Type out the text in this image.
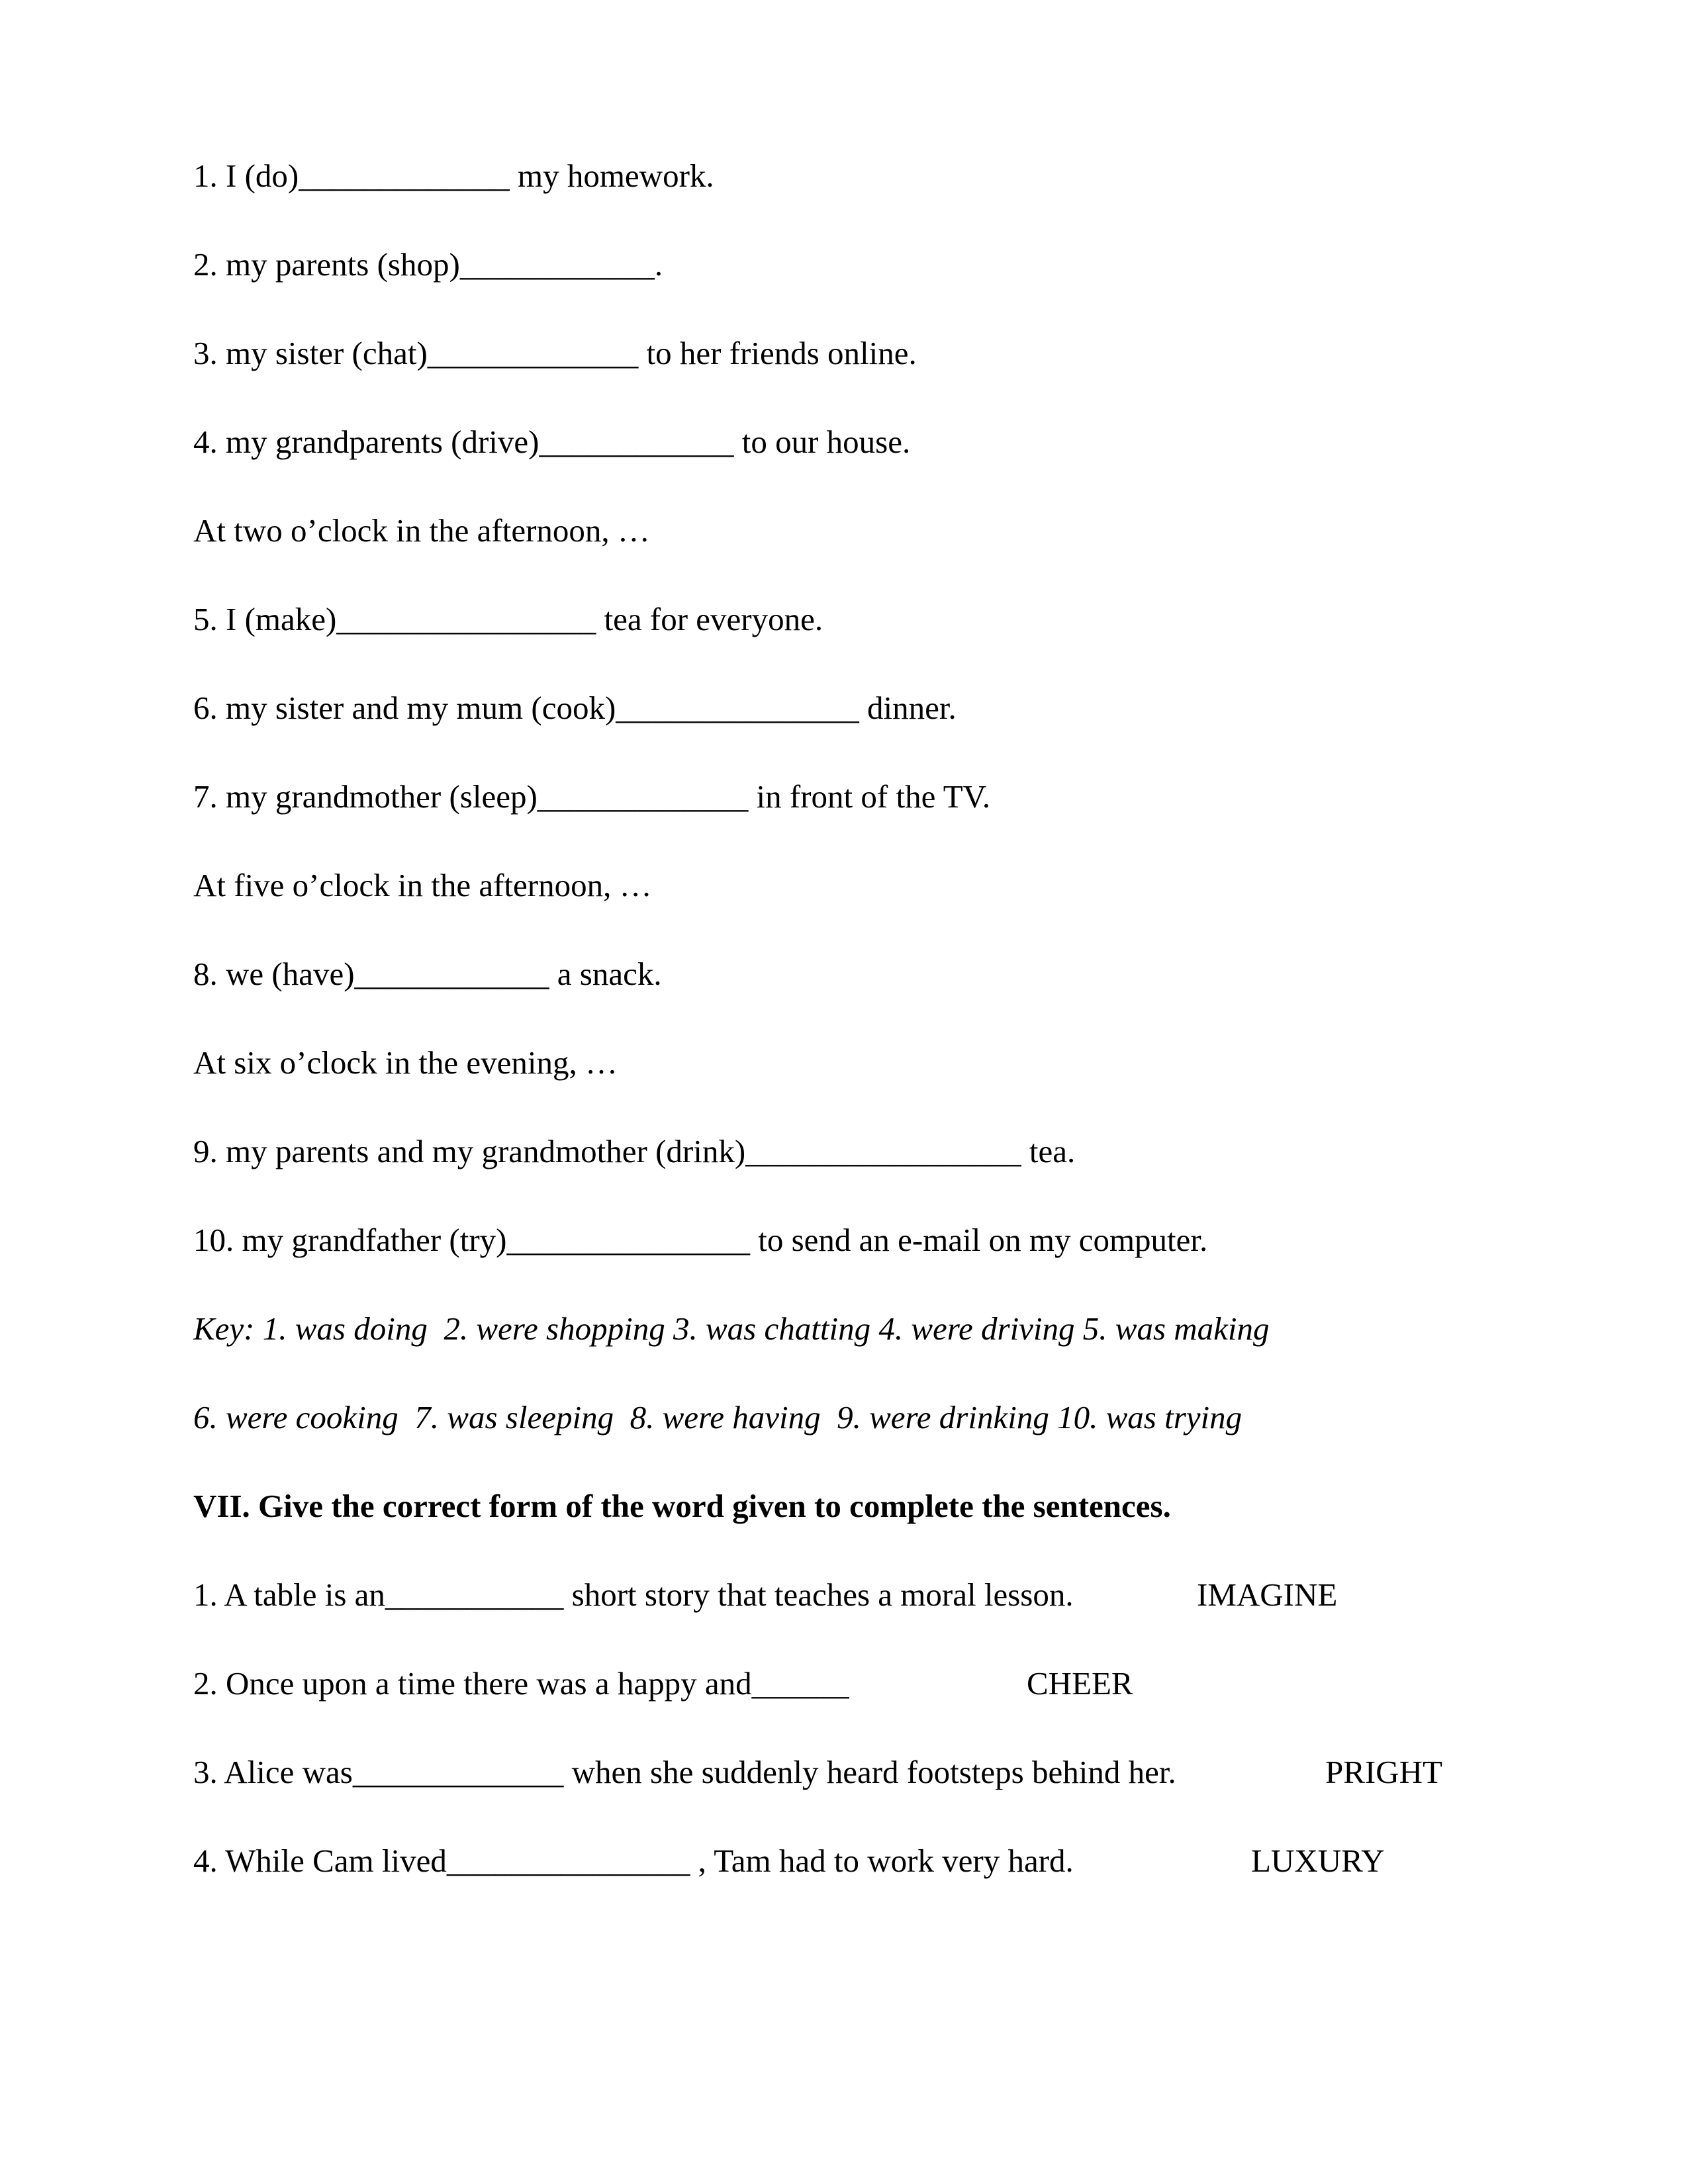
1. I (do)_____________ my homework.
2. my parents (shop)____________.
3. my sister (chat)_____________ to her friends online.
4. my grandparents (drive)____________ to our house.
At two o’clock in the afternoon, …
5. I (make)________________ tea for everyone.
6. my sister and my mum (cook)_______________ dinner.
7. my grandmother (sleep)_____________ in front of the TV.
At five o’clock in the afternoon, …
8. we (have)____________ a snack.
At six o’clock in the evening, …
9. my parents and my grandmother (drink)_________________ tea.
10. my grandfather (try)_______________ to send an e-mail on my computer.
Key: 1. was doing  2. were shopping 3. was chatting 4. were driving 5. was making
6. were cooking  7. was sleeping  8. were having  9. were drinking 10. was trying
VII. Give the correct form of the word given to complete the sentences.
1. A table is an___________ short story that teaches a moral lesson.	IMAGINE
2. Once upon a time there was a happy and______	CHEER
3. Alice was_____________ when she suddenly heard footsteps behind her.	PRIGHT
4. While Cam lived_______________ , Tam had to work very hard.	LUXURY
